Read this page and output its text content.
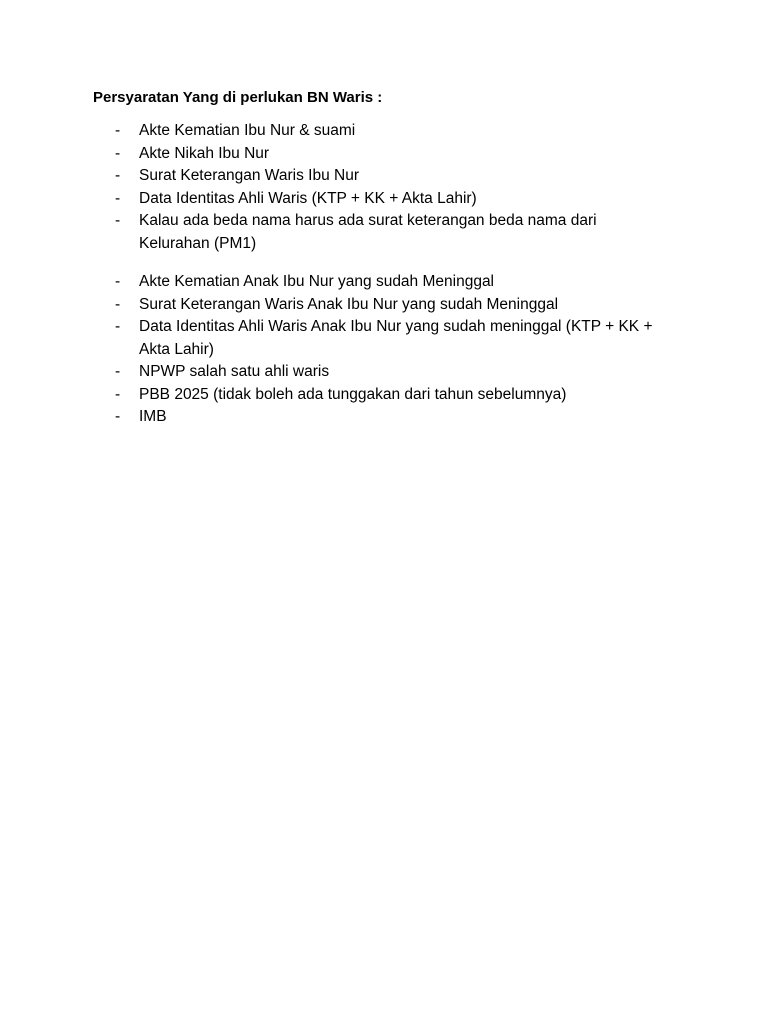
Persyaratan Yang di perlukan BN Waris :
-	Akte Kematian Ibu Nur & suami
-	Akte Nikah Ibu Nur
-	Surat Keterangan Waris Ibu Nur
-	Data Identitas Ahli Waris (KTP + KK + Akta Lahir)
-	Kalau ada beda nama harus ada surat keterangan beda nama dari Kelurahan (PM1)
-	Akte Kematian Anak Ibu Nur yang sudah Meninggal
-	Surat Keterangan Waris Anak Ibu Nur yang sudah Meninggal
-	Data Identitas Ahli Waris Anak Ibu Nur yang sudah meninggal (KTP + KK + Akta Lahir)
-	NPWP salah satu ahli waris
-	PBB 2025 (tidak boleh ada tunggakan dari tahun sebelumnya)
-	IMB
